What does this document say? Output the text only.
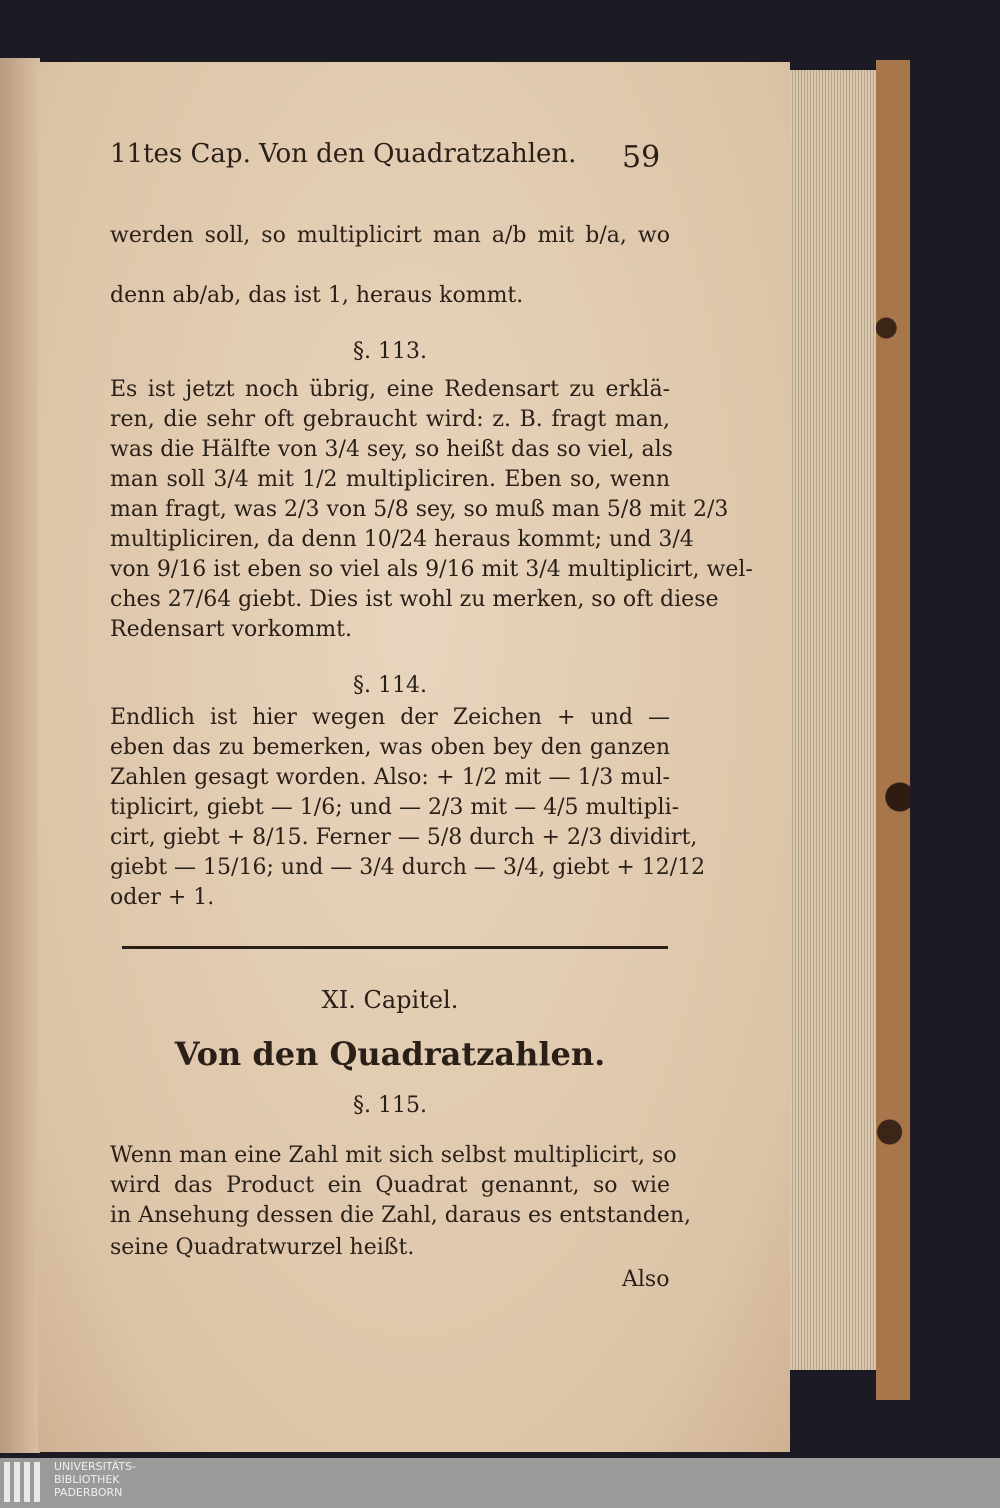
11tes Cap. Von den Quadratzahlen.	59
werden soll, so multiplicirt man a/b mit b/a, wo
denn ab/ab, das ist 1, heraus kommt.
§. 113.
Es ist jetzt noch übrig, eine Redensart zu erklä-
ren, die sehr oft gebraucht wird: z. B. fragt man,
was die Hälfte von 3/4 sey, so heißt das so viel, als
man soll 3/4 mit 1/2 multipliciren. Eben so, wenn
man fragt, was 2/3 von 5/8 sey, so muß man 5/8 mit 2/3
multipliciren, da denn 10/24 heraus kommt; und 3/4
von 9/16 ist eben so viel als 9/16 mit 3/4 multiplicirt, wel-
ches 27/64 giebt. Dies ist wohl zu merken, so oft diese
Redensart vorkommt.
§. 114.
Endlich ist hier wegen der Zeichen + und —
eben das zu bemerken, was oben bey den ganzen
Zahlen gesagt worden. Also: + 1/2 mit — 1/3 mul-
tiplicirt, giebt — 1/6; und — 2/3 mit — 4/5 multipli-
cirt, giebt + 8/15. Ferner — 5/8 durch + 2/3 dividirt,
giebt — 15/16; und — 3/4 durch — 3/4, giebt + 12/12
oder + 1.
XI. Capitel.
Von den Quadratzahlen.
§. 115.
Wenn man eine Zahl mit sich selbst multiplicirt, so
wird das Product ein Quadrat genannt, so wie
in Ansehung dessen die Zahl, daraus es entstanden,
seine Quadratwurzel heißt.
Also
UNIVERSITÄTS-
BIBLIOTHEK
PADERBORN
